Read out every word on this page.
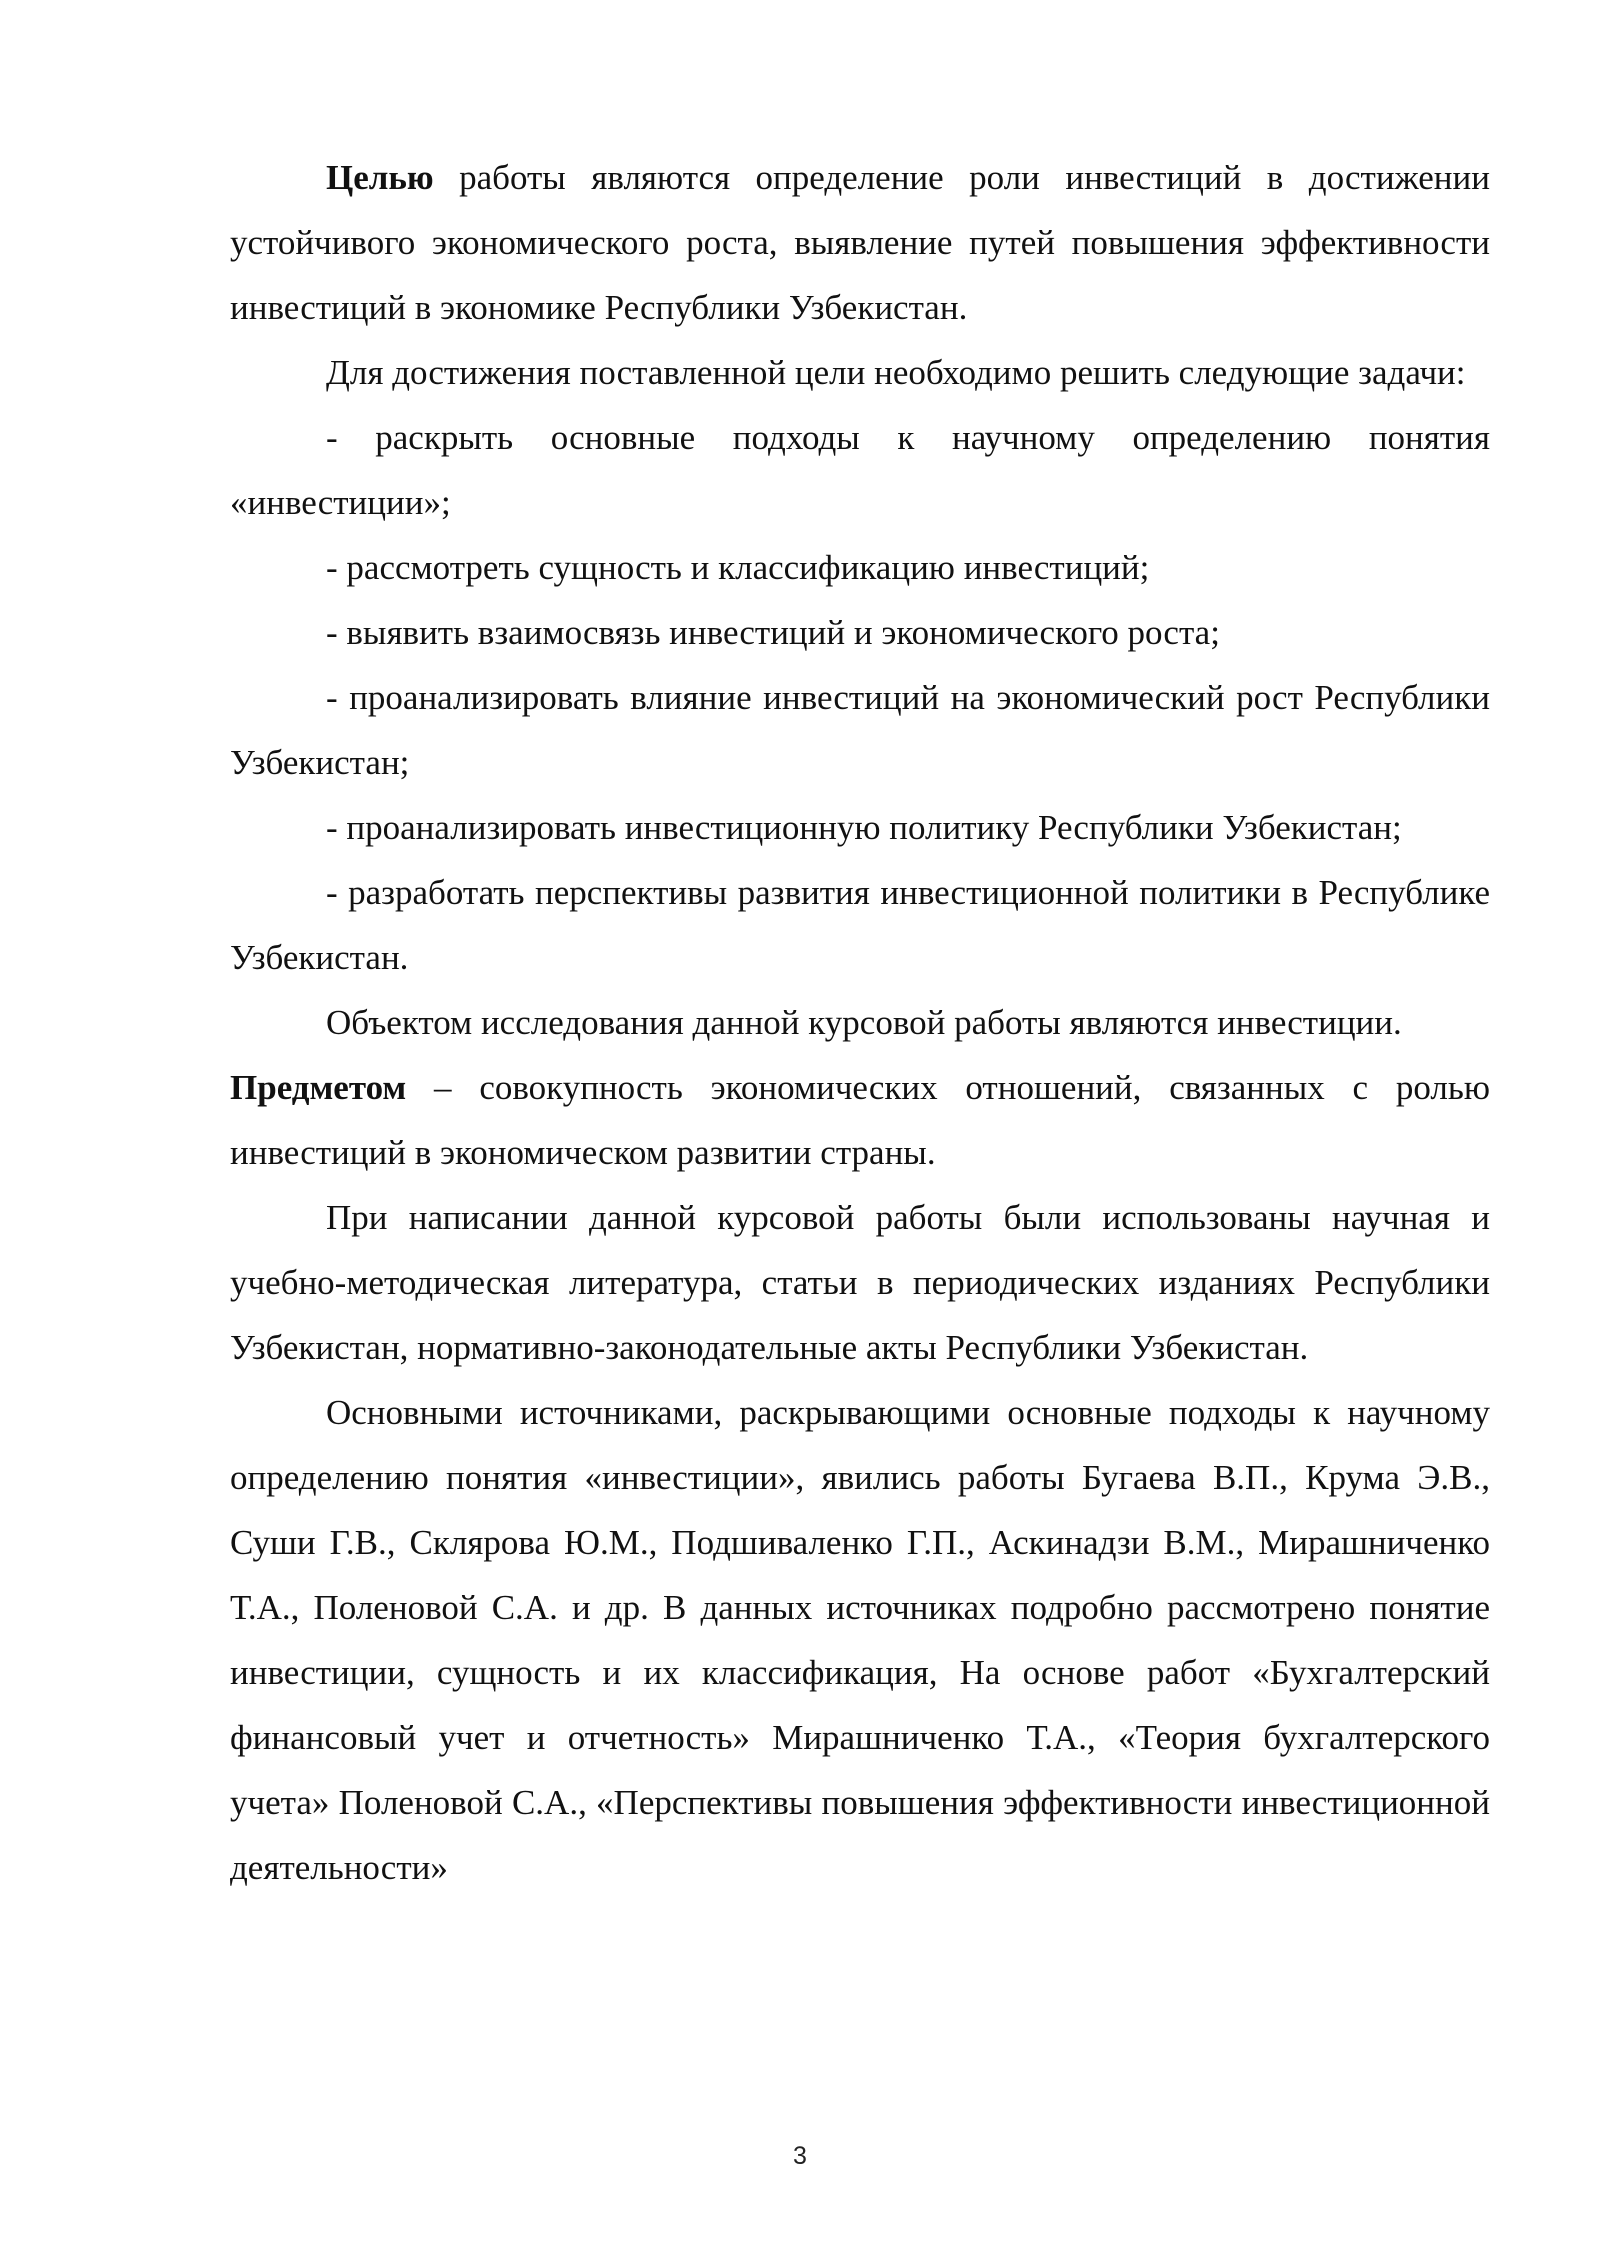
Целью работы являются определение роли инвестиций в достижении устойчивого экономического роста, выявление путей повышения эффективности инвестиций в экономике Республики Узбекистан.

Для достижения поставленной цели необходимо решить следующие задачи:

- раскрыть основные подходы к научному определению понятия «инвестиции»;

- рассмотреть сущность и классификацию инвестиций;

- выявить взаимосвязь инвестиций и экономического роста;

- проанализировать влияние инвестиций на экономический рост Республики Узбекистан;

- проанализировать инвестиционную политику Республики Узбекистан;

- разработать перспективы развития инвестиционной политики в Республике Узбекистан.

Объектом исследования данной курсовой работы являются инвестиции.

Предметом – совокупность экономических отношений, связанных с ролью инвестиций в экономическом развитии страны.

При написании данной курсовой работы были использованы научная и учебно-методическая литература, статьи в периодических изданиях Республики Узбекистан, нормативно-законодательные акты Республики Узбекистан.

Основными источниками, раскрывающими основные подходы к научному определению понятия «инвестиции», явились работы Бугаева В.П., Крума Э.В., Суши Г.В., Склярова Ю.М., Подшиваленко Г.П., Аскинадзи В.М., Мирашниченко Т.А., Поленовой С.А. и др. В данных источниках подробно рассмотрено понятие инвестиции, сущность и их классификация, На основе работ «Бухгалтерский финансовый учет и отчетность» Мирашниченко Т.А., «Теория бухгалтерского учета» Поленовой С.А., «Перспективы повышения эффективности инвестиционной деятельности»

3
